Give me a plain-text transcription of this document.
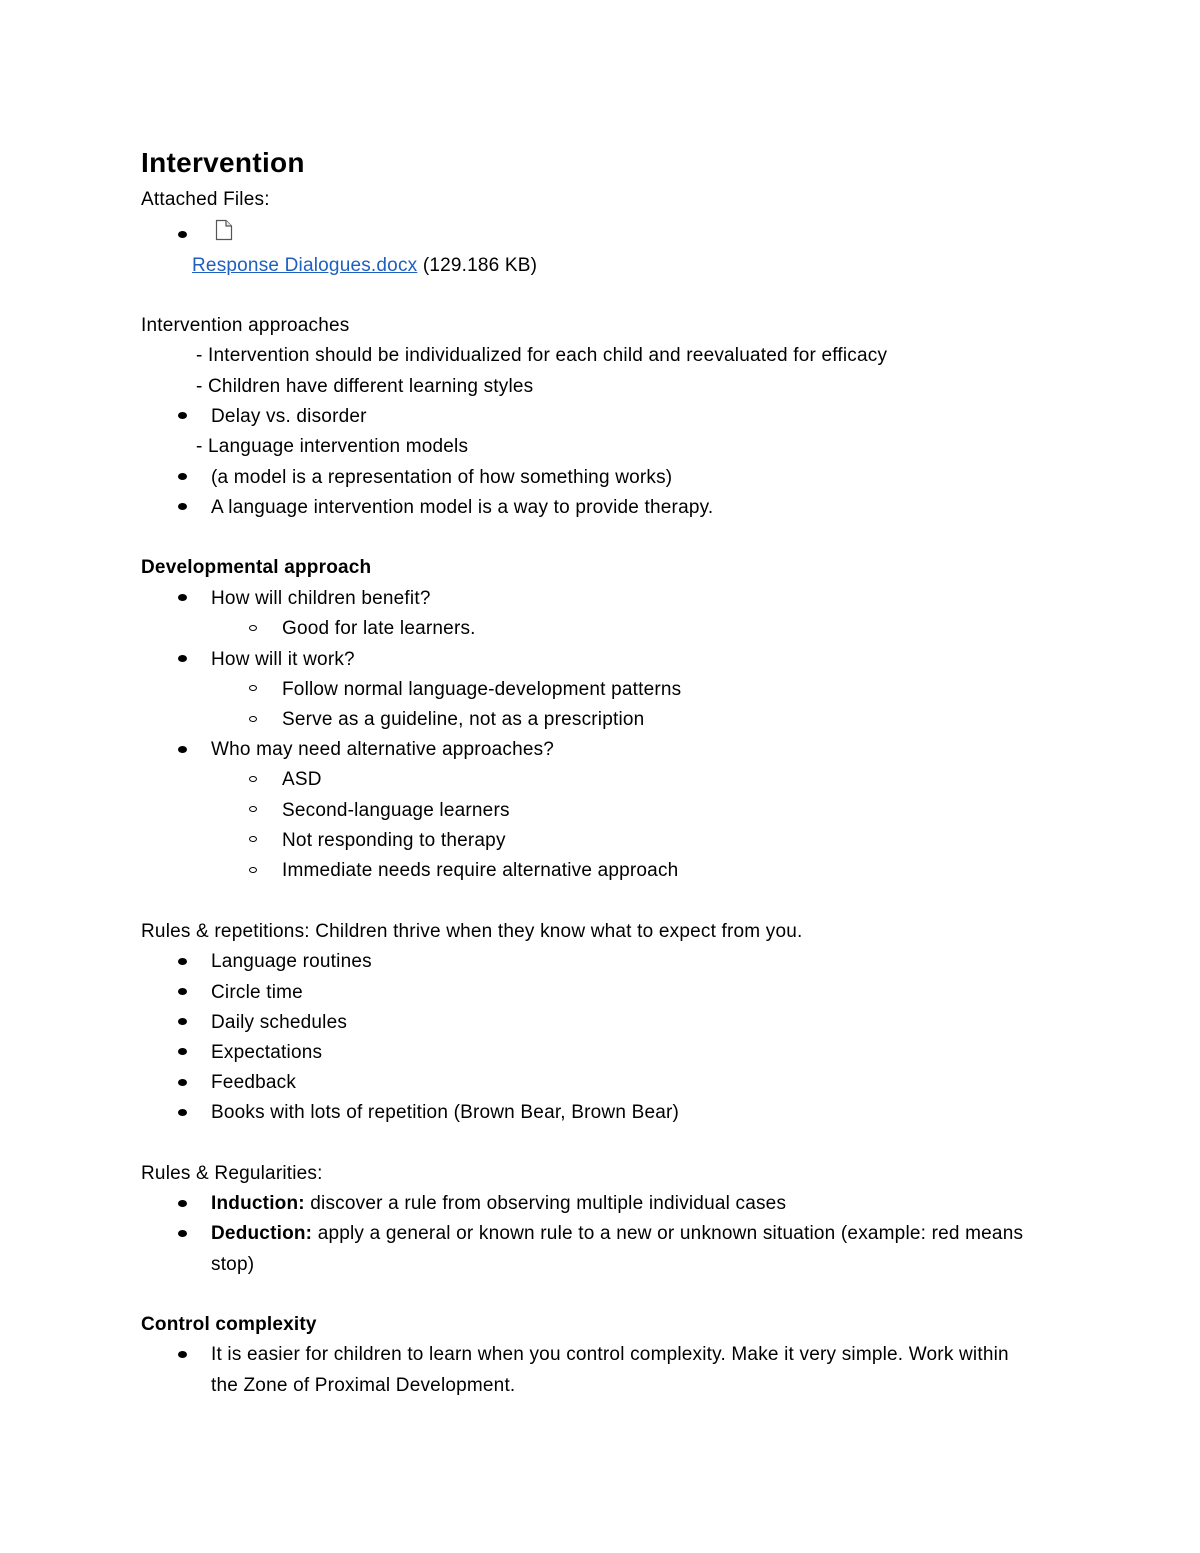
Intervention
Attached Files:
Response Dialogues.docx (129.186 KB)
Intervention approaches
- Intervention should be individualized for each child and reevaluated for efficacy
- Children have different learning styles
Delay vs. disorder
- Language intervention models
(a model is a representation of how something works)
A language intervention model is a way to provide therapy.
Developmental approach
How will children benefit?
Good for late learners.
How will it work?
Follow normal language-development patterns
Serve as a guideline, not as a prescription
Who may need alternative approaches?
ASD
Second-language learners
Not responding to therapy
Immediate needs require alternative approach
Rules & repetitions: Children thrive when they know what to expect from you.
Language routines
Circle time
Daily schedules
Expectations
Feedback
Books with lots of repetition (Brown Bear, Brown Bear)
Rules & Regularities:
Induction: discover a rule from observing multiple individual cases
Deduction: apply a general or known rule to a new or unknown situation (example: red means
stop)
Control complexity
It is easier for children to learn when you control complexity. Make it very simple. Work within
the Zone of Proximal Development.
